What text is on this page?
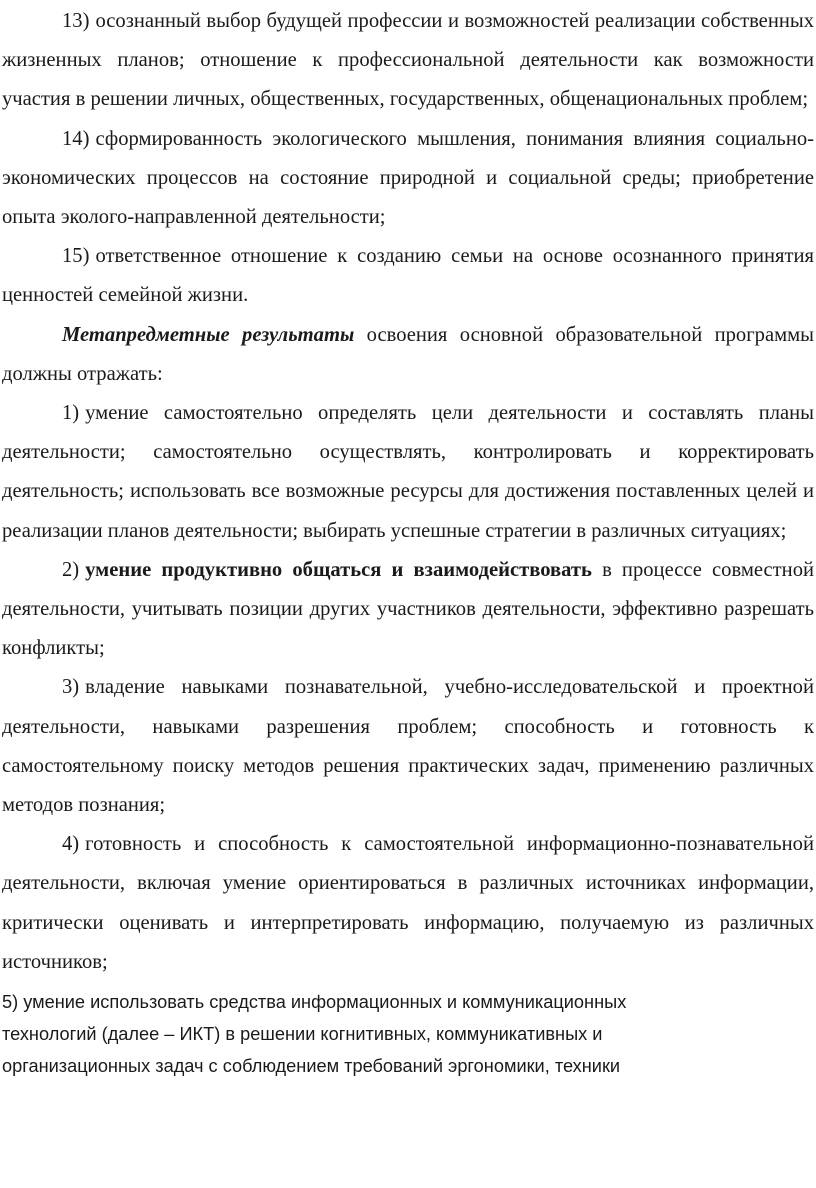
13) осознанный выбор будущей профессии и возможностей реализации собственных жизненных планов; отношение к профессиональной деятельности как возможности участия в решении личных, общественных, государственных, общенациональных проблем;

14) сформированность экологического мышления, понимания влияния социально-экономических процессов на состояние природной и социальной среды; приобретение опыта эколого-направленной деятельности;

15) ответственное отношение к созданию семьи на основе осознанного принятия ценностей семейной жизни.

Метапредметные результаты освоения основной образовательной программы должны отражать:

1) умение самостоятельно определять цели деятельности и составлять планы деятельности; самостоятельно осуществлять, контролировать и корректировать деятельность; использовать все возможные ресурсы для достижения поставленных целей и реализации планов деятельности; выбирать успешные стратегии в различных ситуациях;

2) умение продуктивно общаться и взаимодействовать в процессе совместной деятельности, учитывать позиции других участников деятельности, эффективно разрешать конфликты;

3) владение навыками познавательной, учебно-исследовательской и проектной деятельности, навыками разрешения проблем; способность и готовность к самостоятельному поиску методов решения практических задач, применению различных методов познания;

4) готовность и способность к самостоятельной информационно-познавательной деятельности, включая умение ориентироваться в различных источниках информации, критически оценивать и интерпретировать информацию, получаемую из различных источников;

5) умение использовать средства информационных и коммуникационных
технологий (далее – ИКТ) в решении когнитивных, коммуникативных и
организационных задач с соблюдением требований эргономики, техники
